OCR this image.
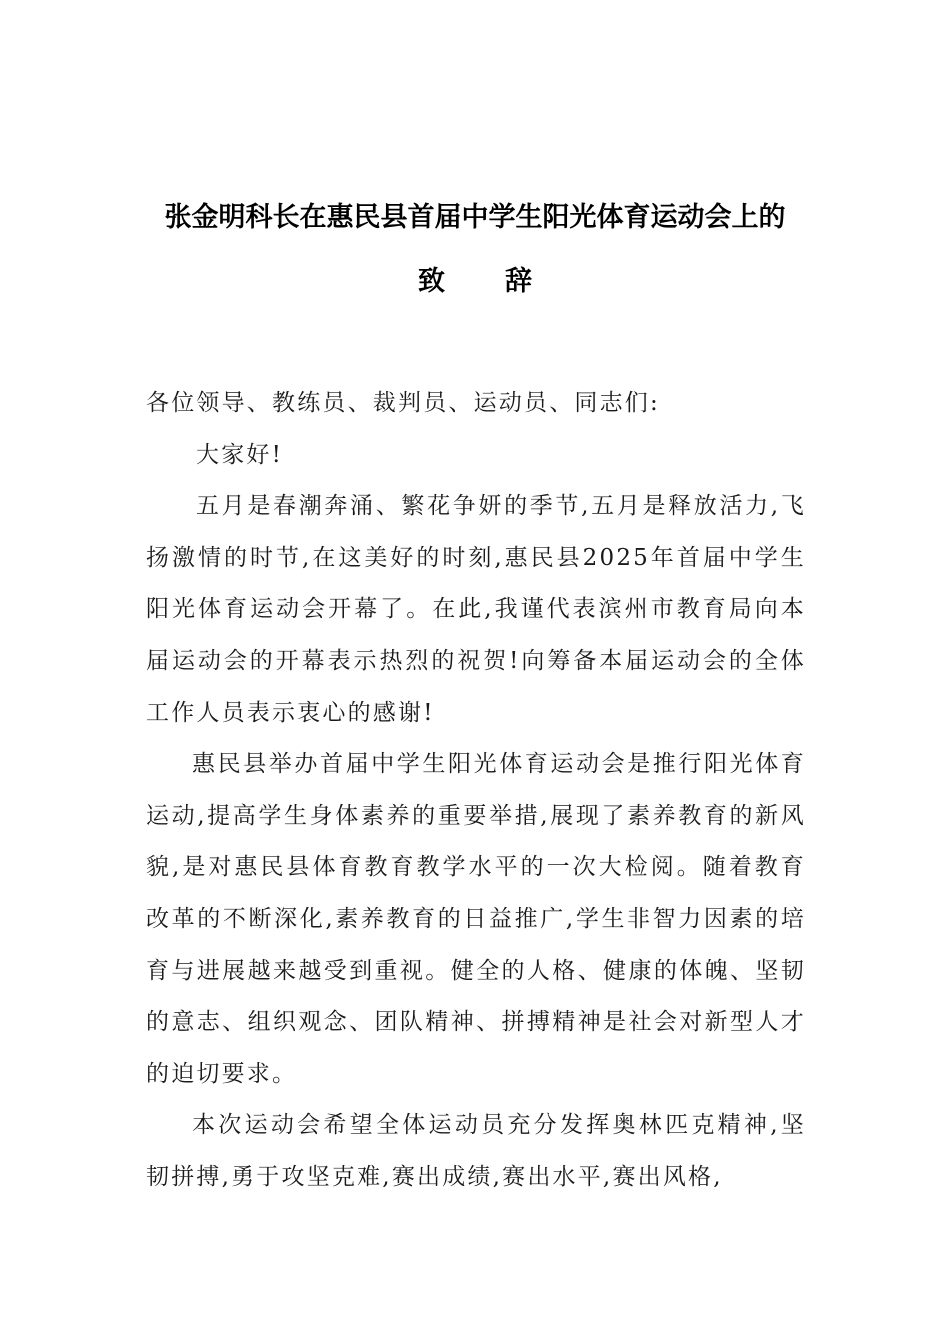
张金明科长在惠民县首届中学生阳光体育运动会上的
致辞

各位领导、教练员、裁判员、运动员、同志们:

大家好!

五月是春潮奔涌、繁花争妍的季节,五月是释放活力,飞扬激情的时节,在这美好的时刻,惠民县2025年首届中学生阳光体育运动会开幕了。在此,我谨代表滨州市教育局向本届运动会的开幕表示热烈的祝贺!向筹备本届运动会的全体工作人员表示衷心的感谢!

惠民县举办首届中学生阳光体育运动会是推行阳光体育运动,提高学生身体素养的重要举措,展现了素养教育的新风貌,是对惠民县体育教育教学水平的一次大检阅。随着教育改革的不断深化,素养教育的日益推广,学生非智力因素的培育与进展越来越受到重视。健全的人格、健康的体魄、坚韧的意志、组织观念、团队精神、拼搏精神是社会对新型人才的迫切要求。

本次运动会希望全体运动员充分发挥奥林匹克精神,坚韧拼搏,勇于攻坚克难,赛出成绩,赛出水平,赛出风格,
